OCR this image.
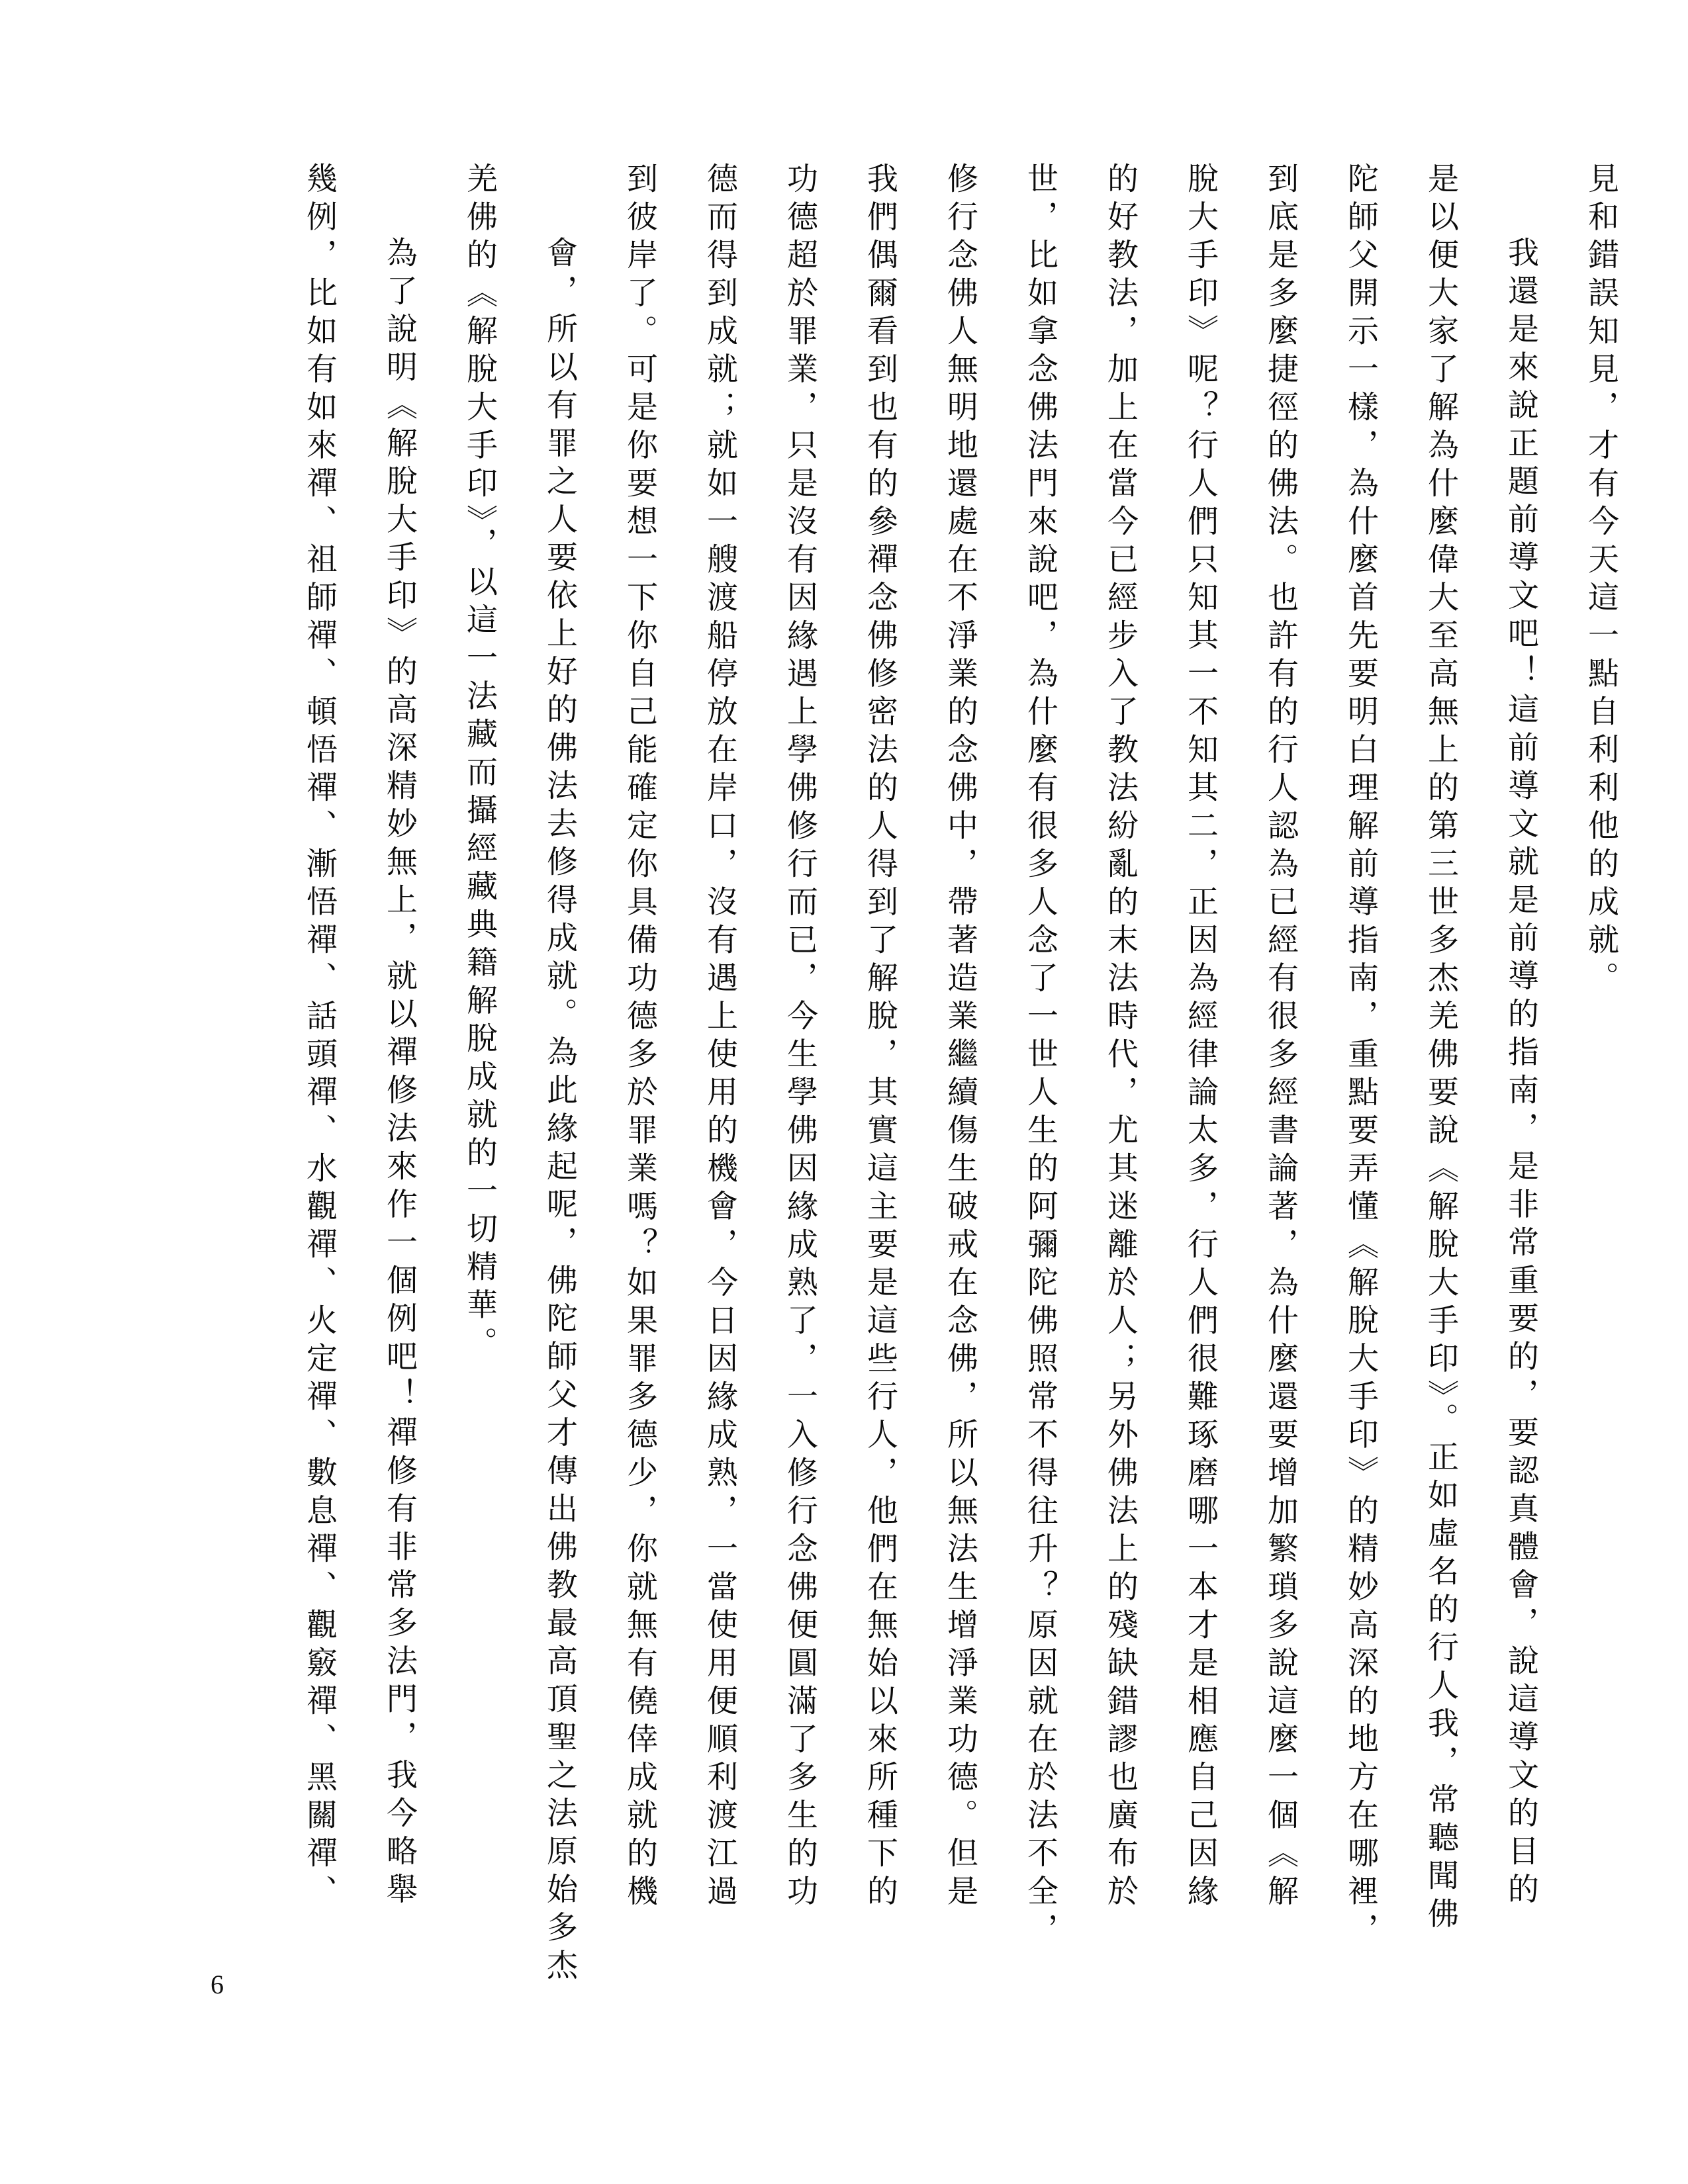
見和錯誤知見，才有今天這一點自利利他的成就。
我還是來說正題前導文吧！這前導文就是前導的指南，是非常重要的，要認真體會，說這導文的目的
是以便大家了解為什麼偉大至高無上的第三世多杰羌佛要說《解脫大手印》。正如虛名的行人我，常聽聞佛
陀師父開示一樣，為什麼首先要明白理解前導指南，重點要弄懂《解脫大手印》的精妙高深的地方在哪裡，
到底是多麼捷徑的佛法。也許有的行人認為已經有很多經書論著，為什麼還要增加繁瑣多說這麼一個《解
脫大手印》呢？行人們只知其一不知其二，正因為經律論太多，行人們很難琢磨哪一本才是相應自己因緣
的好教法，加上在當今已經步入了教法紛亂的末法時代，尤其迷離於人；另外佛法上的殘缺錯謬也廣布於
世，比如拿念佛法門來說吧，為什麼有很多人念了一世人生的阿彌陀佛照常不得往升？原因就在於法不全，
修行念佛人無明地還處在不淨業的念佛中，帶著造業繼續傷生破戒在念佛，所以無法生增淨業功德。但是
我們偶爾看到也有的參禪念佛修密法的人得到了解脫，其實這主要是這些行人，他們在無始以來所種下的
功德超於罪業，只是沒有因緣遇上學佛修行而已，今生學佛因緣成熟了，一入修行念佛便圓滿了多生的功
德而得到成就；就如一艘渡船停放在岸口，沒有遇上使用的機會，今日因緣成熟，一當使用便順利渡江過
到彼岸了。可是你要想一下你自己能確定你具備功德多於罪業嗎？如果罪多德少，你就無有僥倖成就的機
會，所以有罪之人要依上好的佛法去修得成就。為此緣起呢，佛陀師父才傳出佛教最高頂聖之法原始多杰
羌佛的《解脫大手印》，以這一法藏而攝經藏典籍解脫成就的一切精華。
為了說明《解脫大手印》的高深精妙無上，就以禪修法來作一個例吧！禪修有非常多法門，我今略舉
幾例，比如有如來禪、祖師禪、頓悟禪、漸悟禪、話頭禪、水觀禪、火定禪、數息禪、觀竅禪、黑關禪、
6
